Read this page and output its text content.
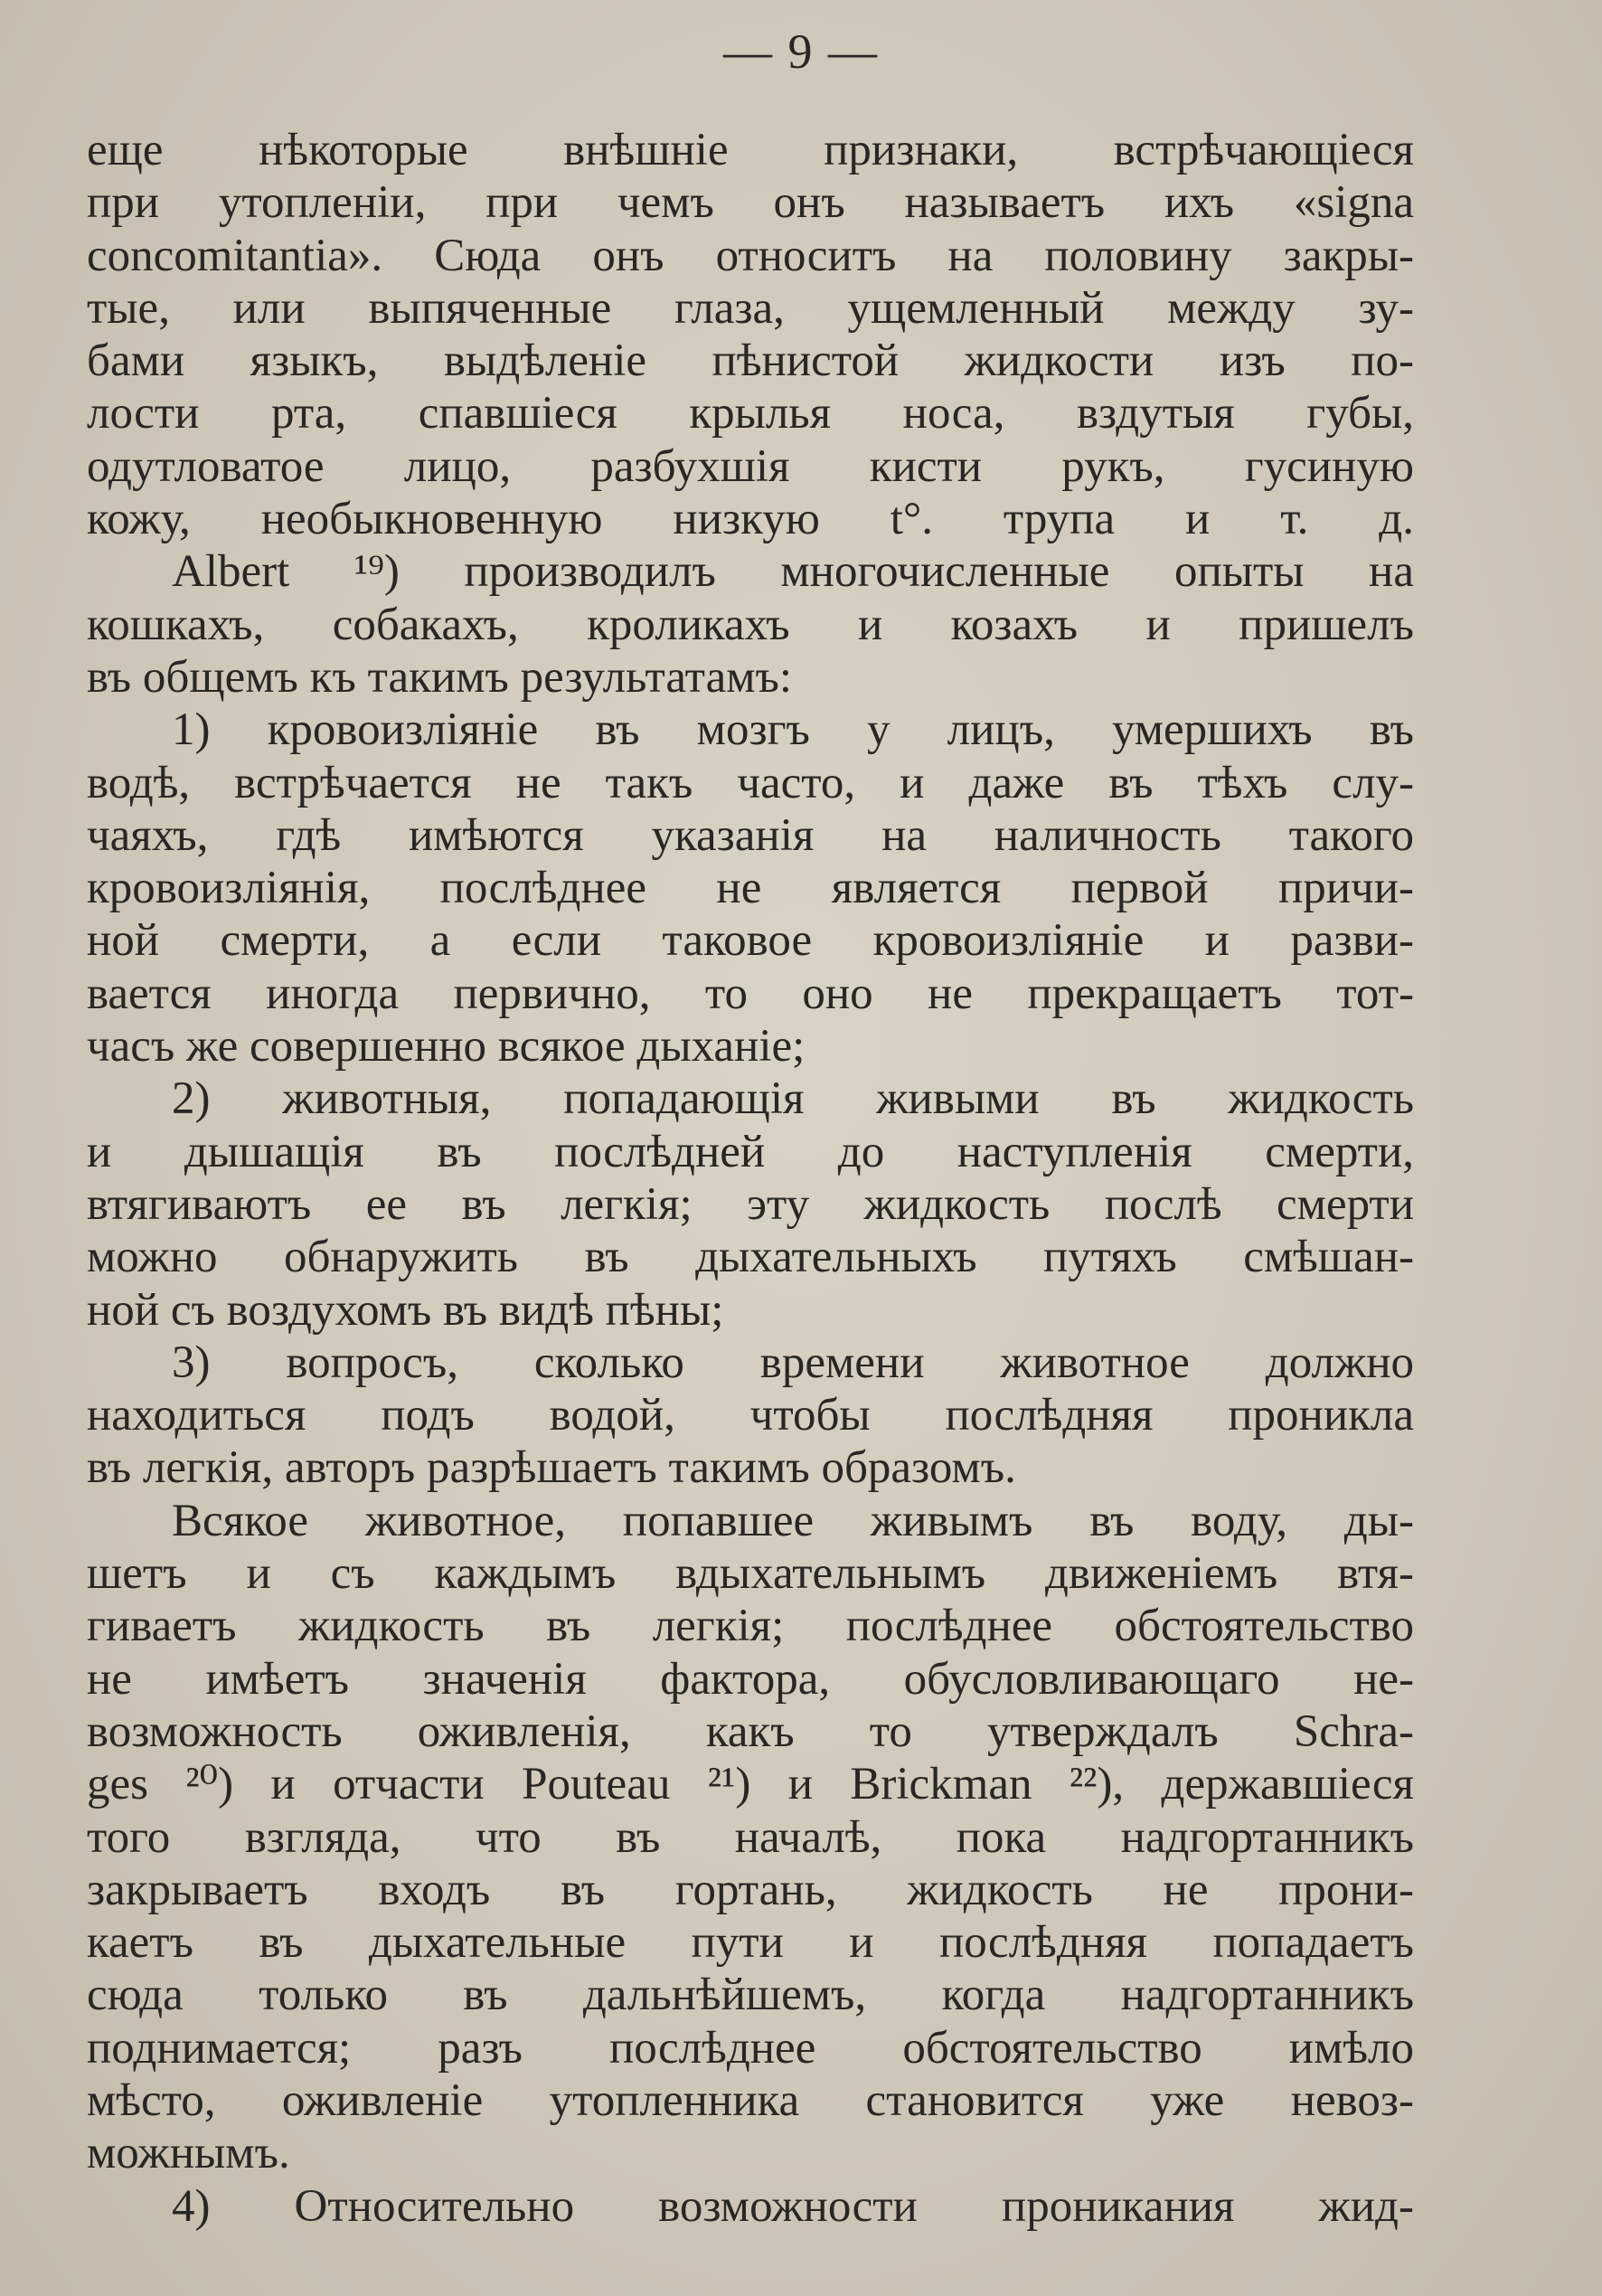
— 9 —
еще нѣкоторые внѣшніе признаки, встрѣчающіеся
при утопленіи, при чемъ онъ называетъ ихъ «signa
concomitantia». Сюда онъ относитъ на половину закры-
тые, или выпяченные глаза, ущемленный между зу-
бами языкъ, выдѣленіе пѣнистой жидкости изъ по-
лости рта, спавшіеся крылья носа, вздутыя губы,
одутловатое лицо, разбухшія кисти рукъ, гусиную
кожу, необыкновенную низкую t°. трупа и т. д.
Albert ¹⁹) производилъ многочисленные опыты на
кошкахъ, собакахъ, кроликахъ и козахъ и пришелъ
въ общемъ къ такимъ результатамъ:
1) кровоизліяніе въ мозгъ у лицъ, умершихъ въ
водѣ, встрѣчается не такъ часто, и даже въ тѣхъ слу-
чаяхъ, гдѣ имѣются указанія на наличность такого
кровоизліянія, послѣднее не является первой причи-
ной смерти, а если таковое кровоизліяніе и разви-
вается иногда первично, то оно не прекращаетъ тот-
часъ же совершенно всякое дыханіе;
2) животныя, попадающія живыми въ жидкость
и дышащія въ послѣдней до наступленія смерти,
втягиваютъ ее въ легкія; эту жидкость послѣ смерти
можно обнаружить въ дыхательныхъ путяхъ смѣшан-
ной съ воздухомъ въ видѣ пѣны;
3) вопросъ, сколько времени животное должно
находиться подъ водой, чтобы послѣдняя проникла
въ легкія, авторъ разрѣшаетъ такимъ образомъ.
Всякое животное, попавшее живымъ въ воду, ды-
шетъ и съ каждымъ вдыхательнымъ движеніемъ втя-
гиваетъ жидкость въ легкія; послѣднее обстоятельство
не имѣетъ значенія фактора, обусловливающаго не-
возможность оживленія, какъ то утверждалъ Schra-
ges ²⁰) и отчасти Pouteau ²¹) и Brickman ²²), державшіеся
того взгляда, что въ началѣ, пока надгортанникъ
закрываетъ входъ въ гортань, жидкость не прони-
каетъ въ дыхательные пути и послѣдняя попадаетъ
сюда только въ дальнѣйшемъ, когда надгортанникъ
поднимается; разъ послѣднее обстоятельство имѣло
мѣсто, оживленіе утопленника становится уже невоз-
можнымъ.
4) Относительно возможности проникания жид-
